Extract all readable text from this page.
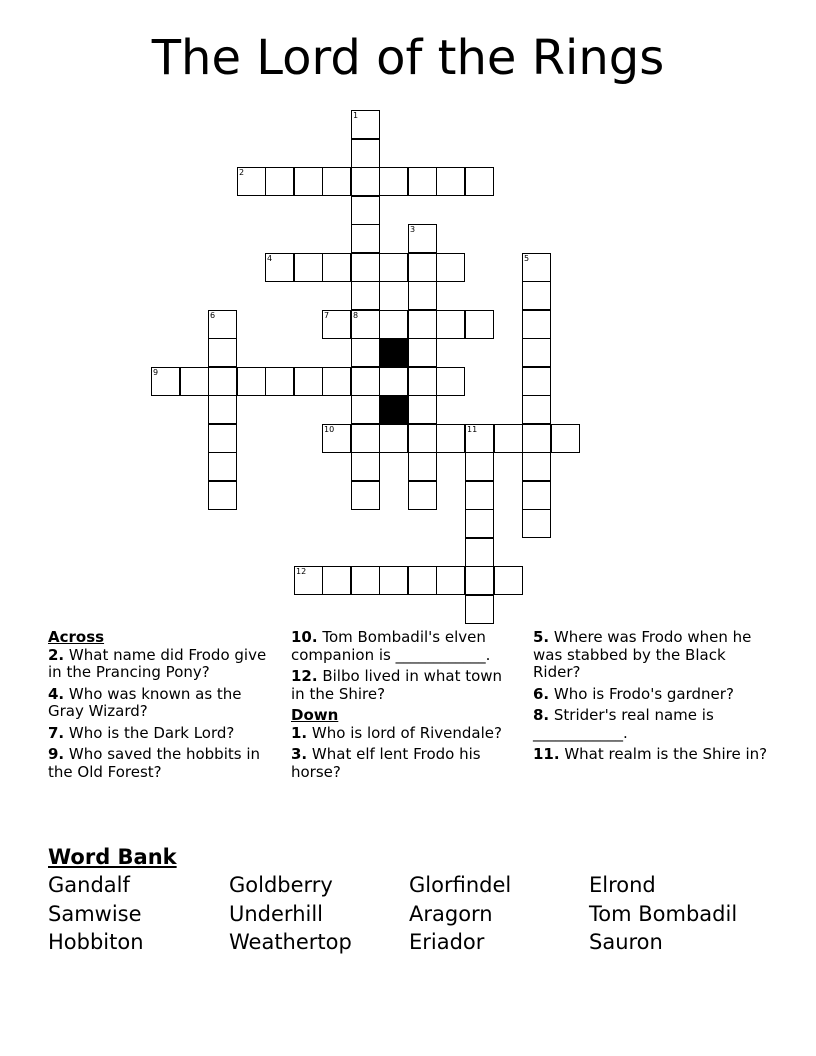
The Lord of the Rings
1
2
3
4	5
6	7	8
9
10	11
12
Across
2. What name did Frodo give in the Prancing Pony?
4. Who was known as the Gray Wizard?
7. Who is the Dark Lord?
9. Who saved the hobbits in the Old Forest?
10. Tom Bombadil's elven companion is ____________.
12. Bilbo lived in what town in the Shire?
Down
1. Who is lord of Rivendale?
3. What elf lent Frodo his horse?
5. Where was Frodo when he was stabbed by the Black Rider?
6. Who is Frodo's gardner?
8. Strider's real name is ____________.
11. What realm is the Shire in?
Word Bank
Gandalf	Goldberry	Glorfindel	Elrond
Samwise	Underhill	Aragorn	Tom Bombadil
Hobbiton	Weathertop	Eriador	Sauron
